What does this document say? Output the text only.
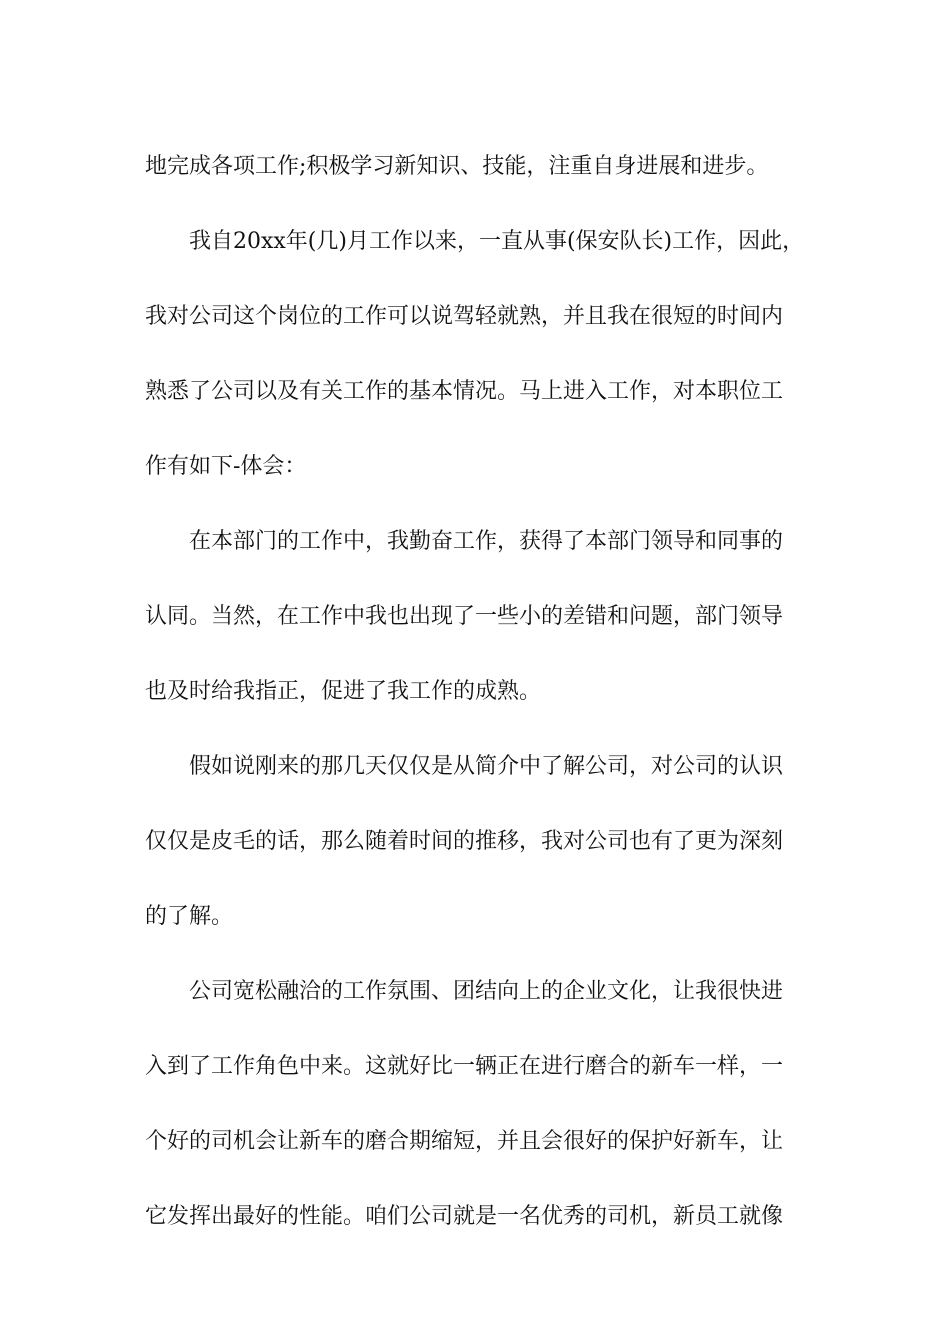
地完成各项工作;积极学习新知识、技能，注重自身进展和进步。
我自20xx年(几)月工作以来，一直从事(保安队长)工作，因此，
我对公司这个岗位的工作可以说驾轻就熟，并且我在很短的时间内
熟悉了公司以及有关工作的基本情况。马上进入工作，对本职位工
作有如下-体会：
在本部门的工作中，我勤奋工作，获得了本部门领导和同事的
认同。当然，在工作中我也出现了一些小的差错和问题，部门领导
也及时给我指正，促进了我工作的成熟。
假如说刚来的那几天仅仅是从简介中了解公司，对公司的认识
仅仅是皮毛的话，那么随着时间的推移，我对公司也有了更为深刻
的了解。
公司宽松融洽的工作氛围、团结向上的企业文化，让我很快进
入到了工作角色中来。这就好比一辆正在进行磨合的新车一样，一
个好的司机会让新车的磨合期缩短，并且会很好的保护好新车，让
它发挥出最好的性能。咱们公司就是一名优秀的司机，新员工就像
